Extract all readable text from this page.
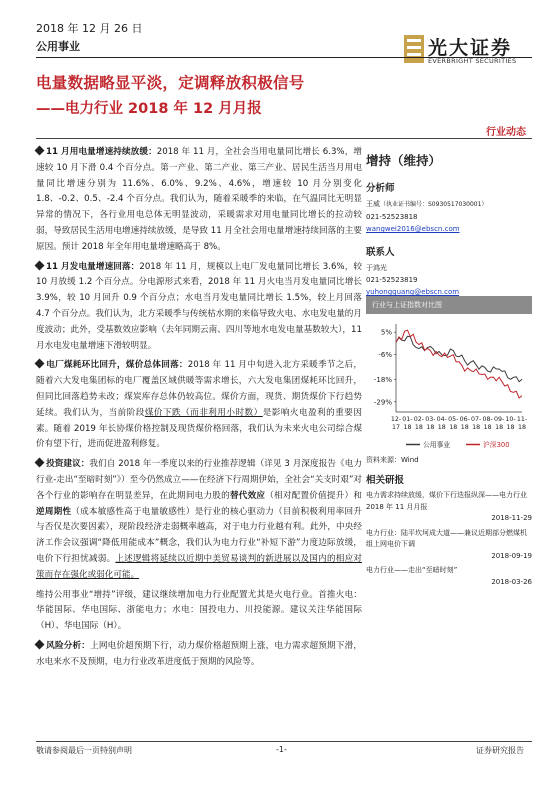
2018 年 12 月 26 日
公用事业	光大证券
EVERBRIGHT SECURITIES
电量数据略显平淡，定调释放积极信号
——电力行业 2018 年 12 月月报
行业动态

11 月用电量增速持续放缓：2018 年 11 月，全社会当用电量同比增长 6.3%，增速较 10 月下滑 0.4 个百分点。第一产业、第二产业、第三产业、居民生活当月用电量同比增速分别为 11.6%、6.0%、9.2%、4.6%，增速较 10 月分别变化 1.8、-0.2、0.5、-2.4 个百分点。我们认为，随着采暖季的来临，在气温同比无明显异常的情况下，各行业用电总体无明显波动，采暖需求对用电量同比增长的拉动较弱，导致居民生活用电增速持续放缓，是导致 11 月全社会用电量增速持续回落的主要原因。预计 2018 年全年用电量增速略高于 8%。

11 月发电量增速回落：2018 年 11 月，规模以上电厂发电量同比增长 3.6%，较 10 月放缓 1.2 个百分点。分电源形式来看，2018 年 11 月火电当月发电量同比增长 3.9%，较 10 月回升 0.9 个百分点；水电当月发电量同比增长 1.5%，较上月回落 4.7 个百分点。我们认为，北方采暖季与传统枯水期的来临导致火电、水电发电量的月度波动；此外，受基数效应影响（去年同期云南、四川等地水电发电量基数较大），11 月水电发电量增速下滑较明显。

电厂煤耗环比回升，煤价总体回落：2018 年 11 月中旬进入北方采暖季节之后，随着六大发电集团标的电厂覆盖区域供暖等需求增长，六大发电集团煤耗环比回升，但同比回落趋势未改；煤炭库存总体仍较高位。煤价方面，现货、期货煤价下行趋势延续。我们认为，当前阶段煤价下跌（而非利用小时数）是影响火电盈利的重要因素。随着 2019 年长协煤价格控制及现货煤价格回落，我们认为未来火电公司综合煤价有望下行，进而促进盈利修复。

投资建议：我们自 2018 年一季度以来的行业推荐逻辑（详见 3 月深度报告《电力行业-走出“至暗时刻”》）至今仍然成立——在经济下行周期伊始，全社会“关支时艰”对各个行业的影响存在明显差异，在此期间电力股的替代效应（相对配置价值提升）和逆周期性（成本敏感性高于电量敏感性）是行业的核心驱动力（目前积极利用率回升与否仅是次要因素），现阶段经济走弱概率越高，对于电力行业越有利。此外，中央经济工作会议强调“降低用能成本”概念，我们认为电力行业“补短下游”力度边际放缓，电价下行担忧减弱。上述逻辑将延续以近期中美贸易谈判的新进展以及国内的相应对策而存在强化或弱化可能。

维持公用事业“增持”评级，建议继续增加电力行业配置尤其是火电行业。首推火电：华能国际、华电国际、浙能电力；水电：国投电力、川投能源。建议关注华能国际（H）、华电国际（H）。

风险分析：上网电价超预期下行，动力煤价格超预期上涨，电力需求超预期下滑，水电来水不及预期，电力行业改革进度低于预期的风险等。

增持（维持）
分析师
王威（执业证书编号：S0930517030001）
021-52523818
wangwei2016@ebscn.com
联系人
于鸿光
021-52523819
yuhongguang@ebscn.com
行业与上证指数对比图
5%
-6%
-18%
-29%
12-
17
01-
18
02-
18
03-
18
04-
18
05-
18
06-
18
07-
18
08-
18
09-
18
10-
18
11-
18
公用事业	沪深300
资料来源：Wind
相关研报
电力需求持续放缓，煤价下行迭报纵深——电力行业 2018 年 11 月月报
2018-11-29
电力行业：陆平坎坷成大道——兼议近期部分燃煤机组上网电价下调
2018-09-19
电力行业——走出“至暗时刻”
2018-03-26
敬请参阅最后一页特别声明	-1-	证券研究报告
